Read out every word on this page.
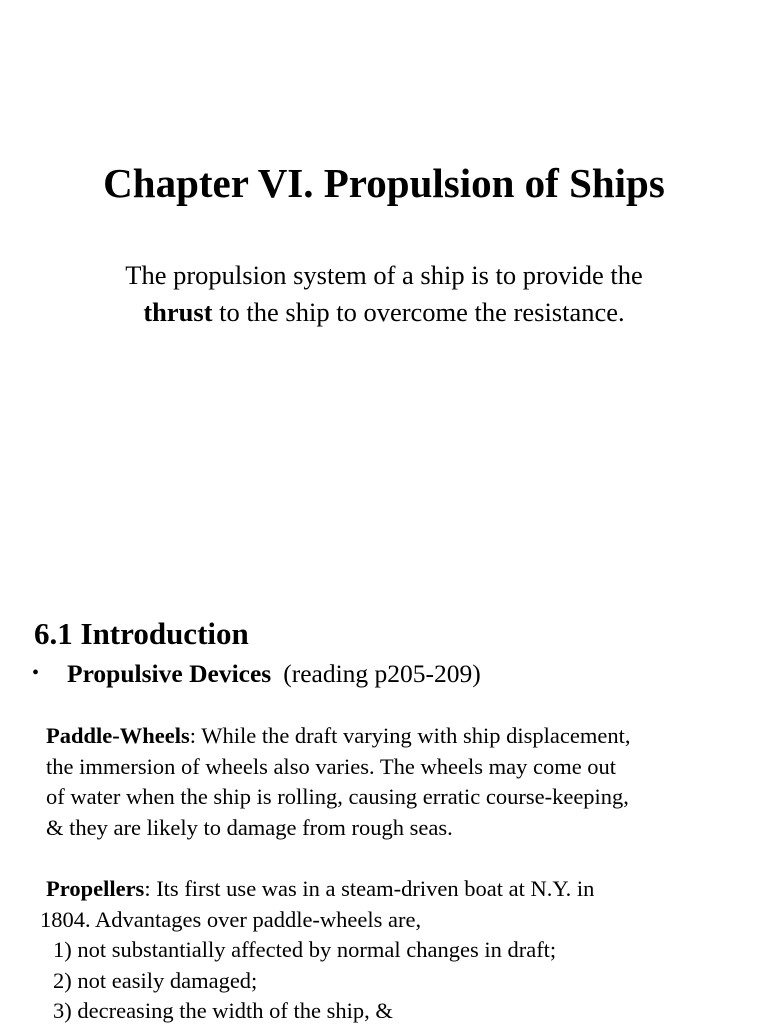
Chapter VI. Propulsion of Ships

The propulsion system of a ship is to provide the
thrust to the ship to overcome the resistance.

6.1 Introduction
• Propulsive Devices (reading p205-209)

Paddle-Wheels: While the draft varying with ship displacement,
the immersion of wheels also varies. The wheels may come out
of water when the ship is rolling, causing erratic course-keeping,
& they are likely to damage from rough seas.

Propellers: Its first use was in a steam-driven boat at N.Y. in
1804. Advantages over paddle-wheels are,
1) not substantially affected by normal changes in draft;
2) not easily damaged;
3) decreasing the width of the ship, &
